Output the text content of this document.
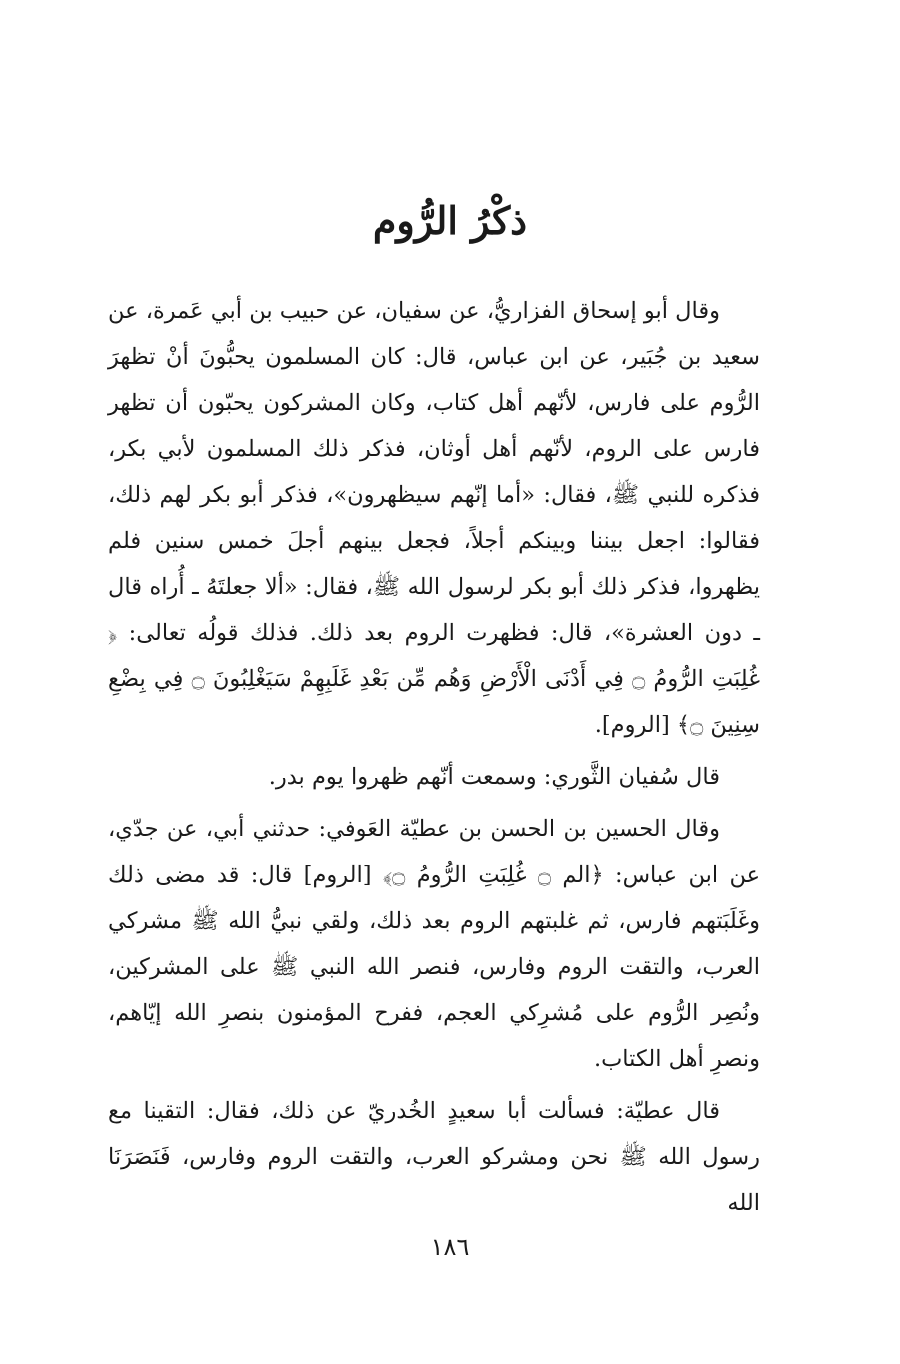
ذكْرُ الرُّوم

وقال أبو إسحاق الفزاريُّ، عن سفيان، عن حبيب بن أبي عَمرة، عن سعيد بن جُبَير، عن ابن عباس، قال: كان المسلمون يحبُّونَ أنْ تظهرَ الرُّوم على فارس، لأنّهم أهل كتاب، وكان المشركون يحبّون أن تظهر فارس على الروم، لأنّهم أهل أوثان، فذكر ذلك المسلمون لأبي بكر، فذكره للنبي ﷺ، فقال: «أما إنّهم سيظهرون»، فذكر أبو بكر لهم ذلك، فقالوا: اجعل بيننا وبينكم أجلاً، فجعل بينهم أجلَ خمس سنين فلم يظهروا، فذكر ذلك أبو بكر لرسول الله ﷺ، فقال: «ألا جعلتَهُ ـ أُراه قال ـ دون العشرة»، قال: فظهرت الروم بعد ذلك. فذلك قولُه تعالى: ﴿ غُلِبَتِ الرُّومُ ۝ فِي أَدْنَى الْأَرْضِ وَهُم مِّن بَعْدِ غَلَبِهِمْ سَيَغْلِبُونَ ۝ فِي بِضْعِ سِنِينَ ۝﴾ [الروم].

قال سُفيان الثَّوري: وسمعت أنّهم ظهروا يوم بدر.

وقال الحسين بن الحسن بن عطيّة العَوفي: حدثني أبي، عن جدّي، عن ابن عباس: ﴿الم ۝ غُلِبَتِ الرُّومُ ۝﴾ [الروم] قال: قد مضى ذلك وغَلَبَتهم فارس، ثم غلبتهم الروم بعد ذلك، ولقي نبيُّ الله ﷺ مشركي العرب، والتقت الروم وفارس، فنصر الله النبي ﷺ على المشركين، ونُصِر الرُّوم على مُشرِكي العجم، ففرح المؤمنون بنصرِ الله إيّاهم، ونصرِ أهل الكتاب.

قال عطيّة: فسألت أبا سعيدٍ الخُدريّ عن ذلك، فقال: التقينا مع رسول الله ﷺ نحن ومشركو العرب، والتقت الروم وفارس، فَنَصَرَنَا الله

١٨٦
